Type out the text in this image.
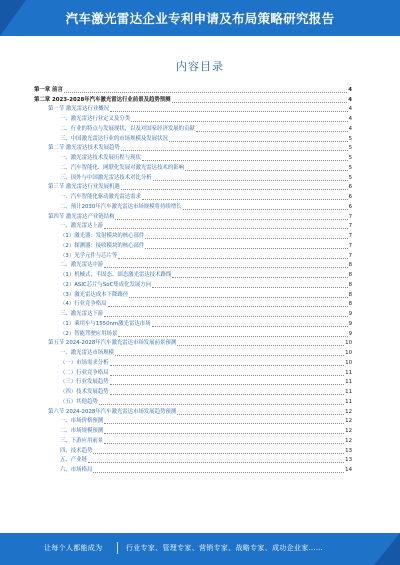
汽车激光雷达企业专利申请及布局策略研究报告
内容目录
第一章 前言	4
第二章 2023-2028年汽车激光雷达行业前景及趋势预测	4
第一节 激光雷达行业概况	4
一、激光雷达行业定义及分类	4
二、行业的特点与发展现状，以及对国家经济发展的贡献	4
三、中国激光雷达行业的市场规模及发展状况	5
第二节 激光雷达技术发展趋势	5
一、激光雷达技术发展历程与现状	5
二、汽车智能化、网联化发展对激光雷达技术的影响	5
三、国外与中国激光雷达技术对比分析	5
第三节 激光雷达行业发展机遇	6
一、汽车智能化驱动激光雷达需求	6
二、预计2030年汽车激光雷达市场规模将持续增长	6
第四节 激光雷达产业链结构	7
一、激光雷达上游	7
（1）激光器：发射模块的核心部件	7
（2）探测器：接收模块的核心部件	7
（3）光学元件与芯片等	7
二、激光雷达中游	8
（1）机械式、半固态、固态激光雷达技术路线	8
（2）ASIC芯片与SoC集成化发展方向	8
（3）激光雷达成本下降路径	8
（4）行业竞争格局	8
三、激光雷达下游	9
（1）乘用车与1550nm激光雷达市场	9
（2）智能驾驶应用场景	9
第五节 2024-2028年汽车激光雷达市场发展前景预测	10
一、激光雷达市场规模	10
（一）市场需求分析	10
（二）行业竞争格局	11
（三）行业发展趋势	11
（四）技术发展趋势	11
（五）其他趋势	11
第六节 2024-2028年汽车激光雷达市场发展趋势预测	12
一、市场价格预测	12
二、市场规模预测	12
三、下游应用前景	12
四、技术趋势	13
五、产业链	13
六、市场格局	14
让每个人都能成为	行业专家、管理专家、营销专家、战略专家、成功企业家……
